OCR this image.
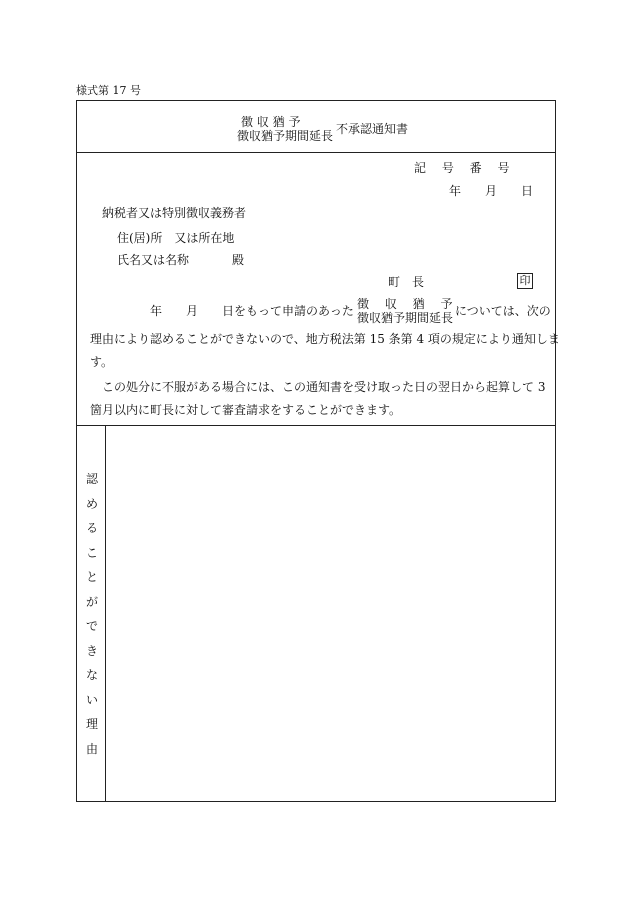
様式第 17 号
徴 収 猶 予
徴収猶予期間延長 不承認通知書
記　 号　 番　 号
年　　月　　日
納税者又は特別徴収義務者
住(居)所　又は所在地
氏名又は名称	殿
町　長	印
年　　月　　日をもって申請のあった 徴　 収　 猶　 予
徴収猶予期間延長 については、次の
理由により認めることができないので、地方税法第 15 条第 4 項の規定により通知しま
す。
この処分に不服がある場合には、この通知書を受け取った日の翌日から起算して 3
箇月以内に町長に対して審査請求をすることができます。
認
め
る
こ
と
が
で
き
な
い
理
由
